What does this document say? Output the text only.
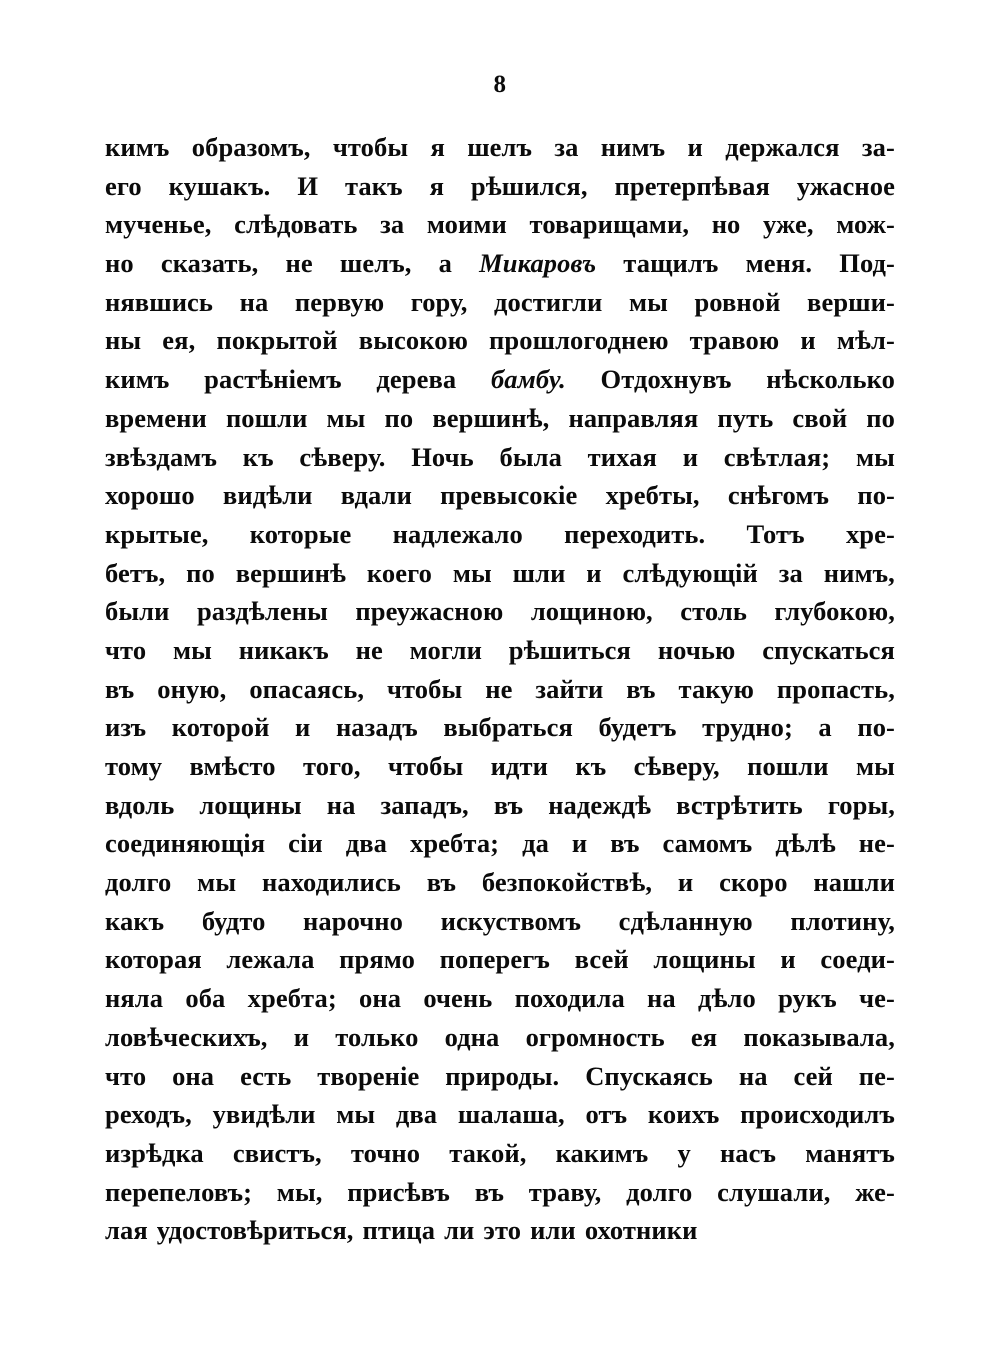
8
кимъ образомъ, чтобы я шелъ за нимъ и держался за-
его кушакъ. И такъ я рѣшился, претерпѣвая ужасное
мученье, слѣдовать за моими товарищами, но уже, мож-
но сказать, не шелъ, а Микаровъ тащилъ меня. Под-
нявшись на первую гору, достигли мы ровной верши-
ны ея, покрытой высокою прошлогоднею травою и мѣл-
кимъ растѣніемъ дерева бамбу. Отдохнувъ нѣсколько
времени пошли мы по вершинѣ, направляя путь свой по
звѣздамъ къ сѣверу. Ночь была тихая и свѣтлая; мы
хорошо видѣли вдали превысокіе хребты, снѣгомъ по-
крытые, которые надлежало переходить. Тотъ хре-
бетъ, по вершинѣ коего мы шли и слѣдующій за нимъ,
были раздѣлены преужасною лощиною, столь глубокою,
что мы никакъ не могли рѣшиться ночью спускаться
въ оную, опасаясь, чтобы не зайти въ такую пропасть,
изъ которой и назадъ выбраться будетъ трудно; а по-
тому вмѣсто того, чтобы идти къ сѣверу, пошли мы
вдоль лощины на западъ, въ надеждѣ встрѣтить горы,
соединяющія сіи два хребта; да и въ самомъ дѣлѣ не-
долго мы находились въ безпокойствѣ, и скоро нашли
какъ будто нарочно искуствомъ сдѣланную плотину,
которая лежала прямо поперегъ всей лощины и соеди-
няла оба хребта; она очень походила на дѣло рукъ че-
ловѣческихъ, и только одна огромность ея показывала,
что она есть твореніе природы. Спускаясь на сей пе-
реходъ, увидѣли мы два шалаша, отъ коихъ происходилъ
изрѣдка свистъ, точно такой, какимъ у насъ манятъ
перепеловъ; мы, присѣвъ въ траву, долго слушали, же-
лая удостовѣриться, птица ли это или охотники
